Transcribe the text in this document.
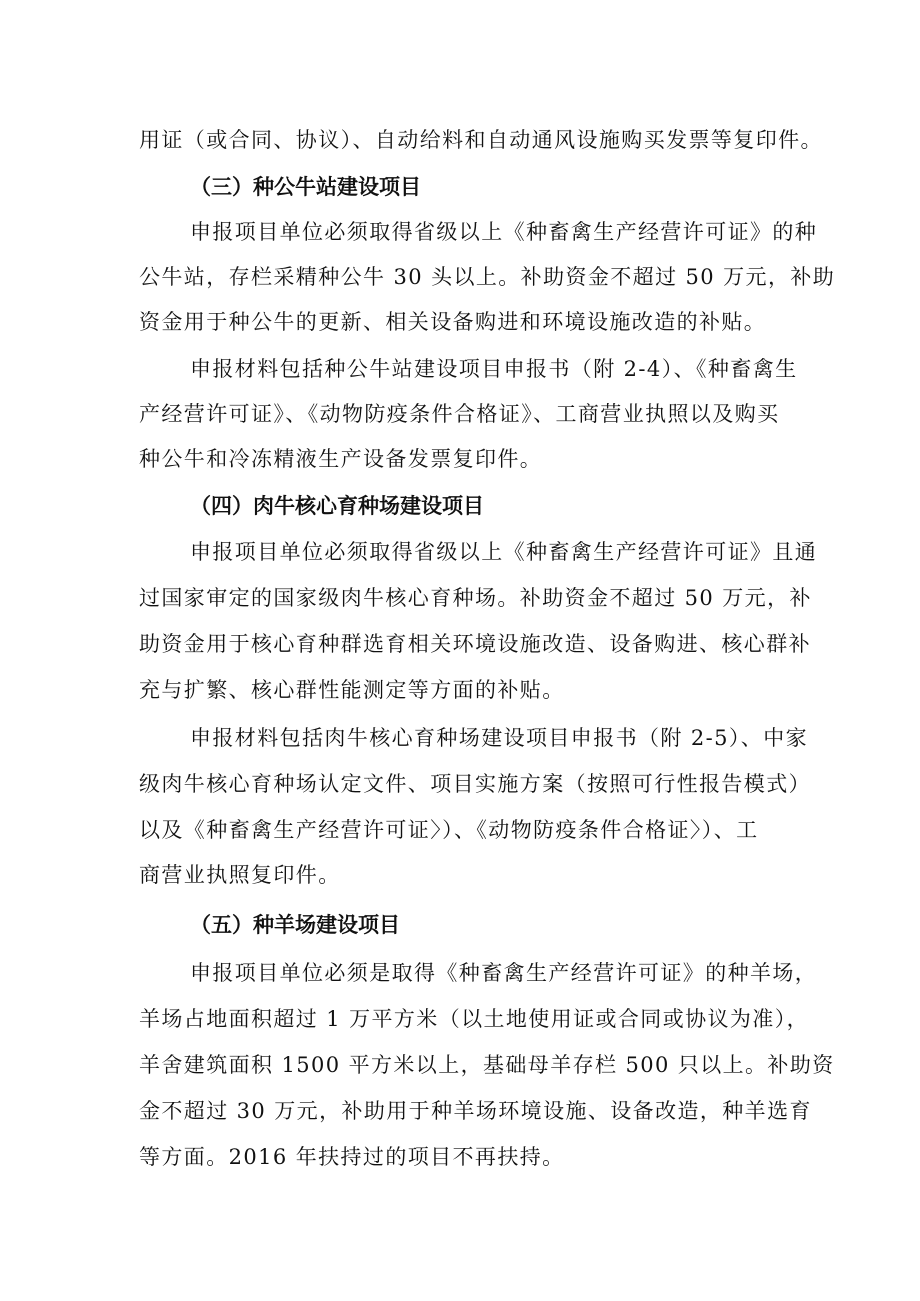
用证（或合同、协议）、自动给料和自动通风设施购买发票等复印件。
（三）种公牛站建设项目
申报项目单位必须取得省级以上《种畜禽生产经营许可证》的种
公牛站，存栏采精种公牛 30 头以上。补助资金不超过 50 万元，补助
资金用于种公牛的更新、相关设备购进和环境设施改造的补贴。
申报材料包括种公牛站建设项目申报书（附 2-4）、《种畜禽生
产经营许可证》、《动物防疫条件合格证》、工商营业执照以及购买
种公牛和冷冻精液生产设备发票复印件。
（四）肉牛核心育种场建设项目
申报项目单位必须取得省级以上《种畜禽生产经营许可证》且通
过国家审定的国家级肉牛核心育种场。补助资金不超过 50 万元，补
助资金用于核心育种群选育相关环境设施改造、设备购进、核心群补
充与扩繁、核心群性能测定等方面的补贴。
申报材料包括肉牛核心育种场建设项目申报书（附 2-5）、中家
级肉牛核心育种场认定文件、项目实施方案（按照可行性报告模式）
以及《种畜禽生产经营许可证〉）、《动物防疫条件合格证〉）、工
商营业执照复印件。
（五）种羊场建设项目
申报项目单位必须是取得《种畜禽生产经营许可证》的种羊场，
羊场占地面积超过 1 万平方米（以土地使用证或合同或协议为准），
羊舍建筑面积 1500 平方米以上，基础母羊存栏 500 只以上。补助资
金不超过 30 万元，补助用于种羊场环境设施、设备改造，种羊选育
等方面。2016 年扶持过的项目不再扶持。
